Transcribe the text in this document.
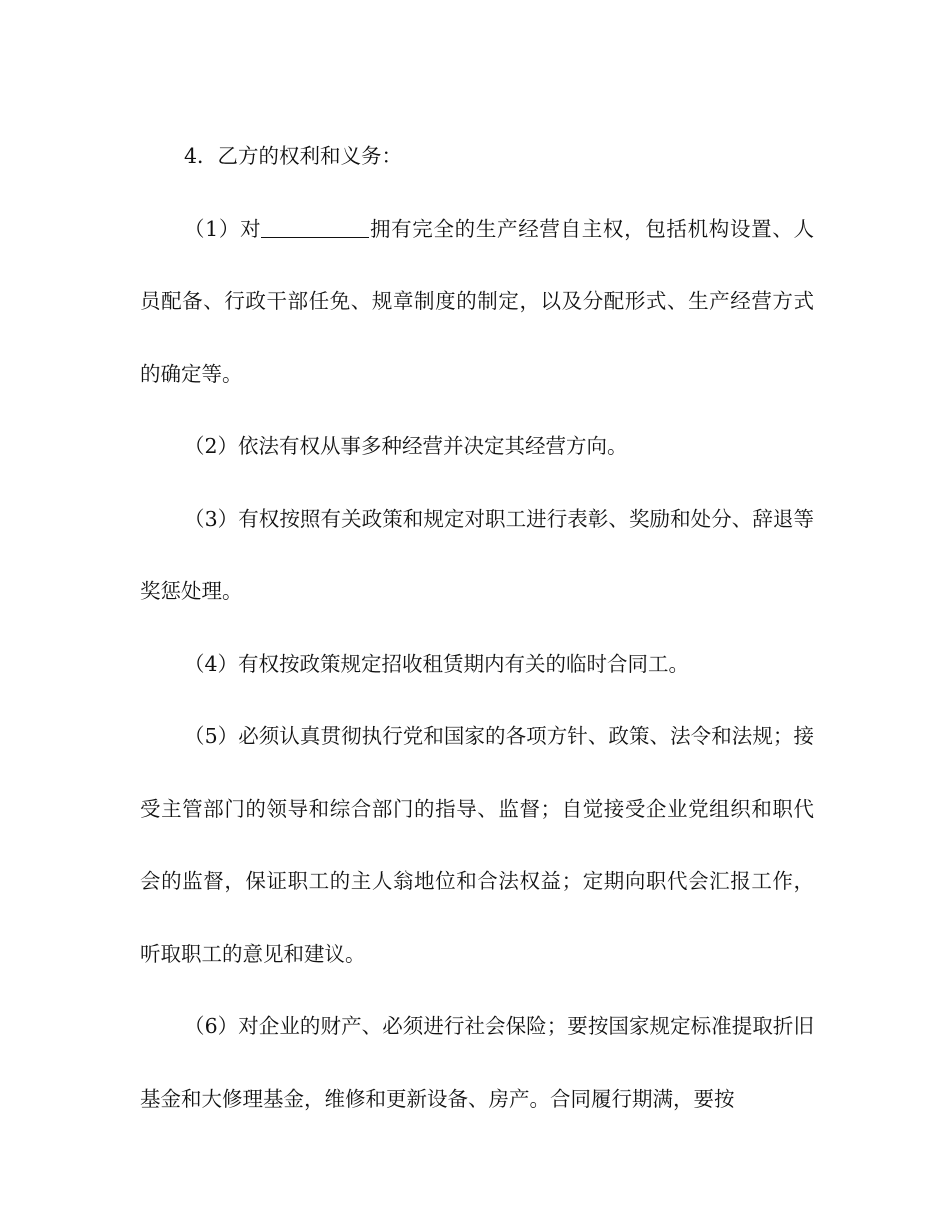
4．乙方的权利和义务：

（1）对	拥有完全的生产经营自主权，包括机构设置、人员配备、行政干部任免、规章制度的制定，以及分配形式、生产经营方式的确定等。

（2）依法有权从事多种经营并决定其经营方向。

（3）有权按照有关政策和规定对职工进行表彰、奖励和处分、辞退等奖惩处理。

（4）有权按政策规定招收租赁期内有关的临时合同工。

（5）必须认真贯彻执行党和国家的各项方针、政策、法令和法规；接受主管部门的领导和综合部门的指导、监督；自觉接受企业党组织和职代会的监督，保证职工的主人翁地位和合法权益；定期向职代会汇报工作，听取职工的意见和建议。

（6）对企业的财产、必须进行社会保险；要按国家规定标准提取折旧基金和大修理基金，维修和更新设备、房产。合同履行期满，要按
